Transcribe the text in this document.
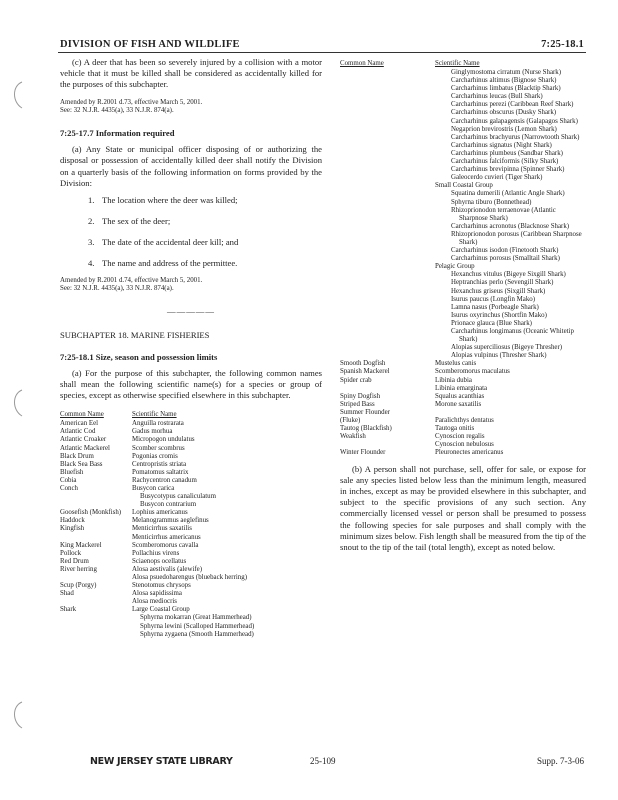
DIVISION OF FISH AND WILDLIFE	7:25-18.1

(c) A deer that has been so severely injured by a collision with a motor vehicle that it must be killed shall be considered as accidentally killed for the purposes of this subchapter.

Amended by R.2001 d.73, effective March 5, 2001.

See: 32 N.J.R. 4435(a), 33 N.J.R. 874(a).

7:25-17.7 Information required

(a) Any State or municipal officer disposing of or authorizing the disposal or possession of accidentally killed deer shall notify the Division on a quarterly basis of the following information on forms provided by the Division:

1. The location where the deer was killed;
2. The sex of the deer;
3. The date of the accidental deer kill; and
4. The name and address of the permittee.

Amended by R.2001 d.74, effective March 5, 2001.

See: 32 N.J.R. 4435(a), 33 N.J.R. 874(a).

—————

SUBCHAPTER 18. MARINE FISHERIES

7:25-18.1 Size, season and possession limits

(a) For the purpose of this subchapter, the following common names shall mean the following scientific name(s) for a species or group of species, except as otherwise specified elsewhere in this subchapter.

Common Name	Scientific Name
American Eel	Anguilla rostrarata
Atlantic Cod	Gadus morhua
Atlantic Croaker	Micropogon undulatus
Atlantic Mackerel	Scomber scombrus
Black Drum	Pogonias cromis
Black Sea Bass	Centropristis striata
Bluefish	Pomatomus saltatrix
Cobia	Rachycentron canadum
Conch	Busycon carica
	Busycotypus canaliculatum
	Busycon contrarium
Goosefish (Monkfish)	Lophius americanus
Haddock	Melanogrammus aeglefinus
Kingfish	Menticirrhus saxatilis
	Menticirrhus americanus
King Mackerel	Scomberomorus cavalla
Pollock	Pollachius virens
Red Drum	Sciaenops ocellatus
River herring	Alosa aestivalis (alewife)
	Alosa psuedoharengus (blueback herring)
Scup (Porgy)	Stenotomus chrysops
Shad	Alosa sapidissima
	Alosa mediocris
Shark	Large Coastal Group
	Sphyrna mokarran (Great Hammerhead)
	Sphyrna lewini (Scalloped Hammerhead)
	Sphyrna zygaena (Smooth Hammerhead)
Common Name	Scientific Name
	Ginglymostoma cirratum (Nurse Shark)
	Carcharhinus altimus (Bignose Shark)
	Carcharhinus limbatus (Blacktip Shark)
	Carcharhinus leucas (Bull Shark)
	Carcharhinus perezi (Caribbean Reef Shark)
	Carcharhinus obscurus (Dusky Shark)
	Carcharhinus galapagensis (Galapagos Shark)
	Negaprion brevirostris (Lemon Shark)
	Carcharhinus brachyurus (Narrowtooth Shark)
	Carcharhinus signatus (Night Shark)
	Carcharhinus plumbeus (Sandbar Shark)
	Carcharhinus falciformis (Silky Shark)
	Carcharhinus brevipinna (Spinner Shark)
	Galeocerdo cuvieri (Tiger Shark)
	Small Coastal Group
	Squatina dumerili (Atlantic Angle Shark)
	Sphyrna tiburo (Bonnethead)
	Rhizoprionodon terraenovae (Atlantic Sharpnose Shark)
	Carcharhinus acronotus (Blacknose Shark)
	Rhizoprionodon porosus (Caribbean Sharpnose Shark)
	Carcharhinus isodon (Finetooth Shark)
	Carcharhinus porosus (Smalltail Shark)
	Pelagic Group
	Hexanchus vitulus (Bigeye Sixgill Shark)
	Heptranchias perlo (Sevengill Shark)
	Hexanchus griseus (Sixgill Shark)
	Isurus paucus (Longfin Mako)
	Lamna nasus (Porbeagle Shark)
	Isurus oxyrinchus (Shortfin Mako)
	Prionace glauca (Blue Shark)
	Carcharhinus longimanus (Oceanic Whitetip Shark)
	Alopias superciliosus (Bigeye Thresher)
	Alopias vulpinus (Thresher Shark)
Smooth Dogfish	Mustelus canis
Spanish Mackerel	Scomberomorus maculatus
Spider crab	Libinia dubia
	Libinia emarginata
Spiny Dogfish	Squalus acanthias
Striped Bass	Morone saxatilis
Summer Flounder	
(Fluke)	Paralichthys dentatus
Tautog (Blackfish)	Tautoga onitis
Weakfish	Cynoscion regalis
	Cynoscion nebulosus
Winter Flounder	Pleuronectes americanus

(b) A person shall not purchase, sell, offer for sale, or expose for sale any species listed below less than the minimum length, measured in inches, except as may be provided elsewhere in this subchapter, and subject to the specific provisions of any such section. Any commercially licensed vessel or person shall be presumed to possess the following species for sale purposes and shall comply with the minimum sizes below. Fish length shall be measured from the tip of the snout to the tip of the tail (total length), except as noted below.

NEW JERSEY STATE LIBRARY	25-109	Supp. 7-3-06
